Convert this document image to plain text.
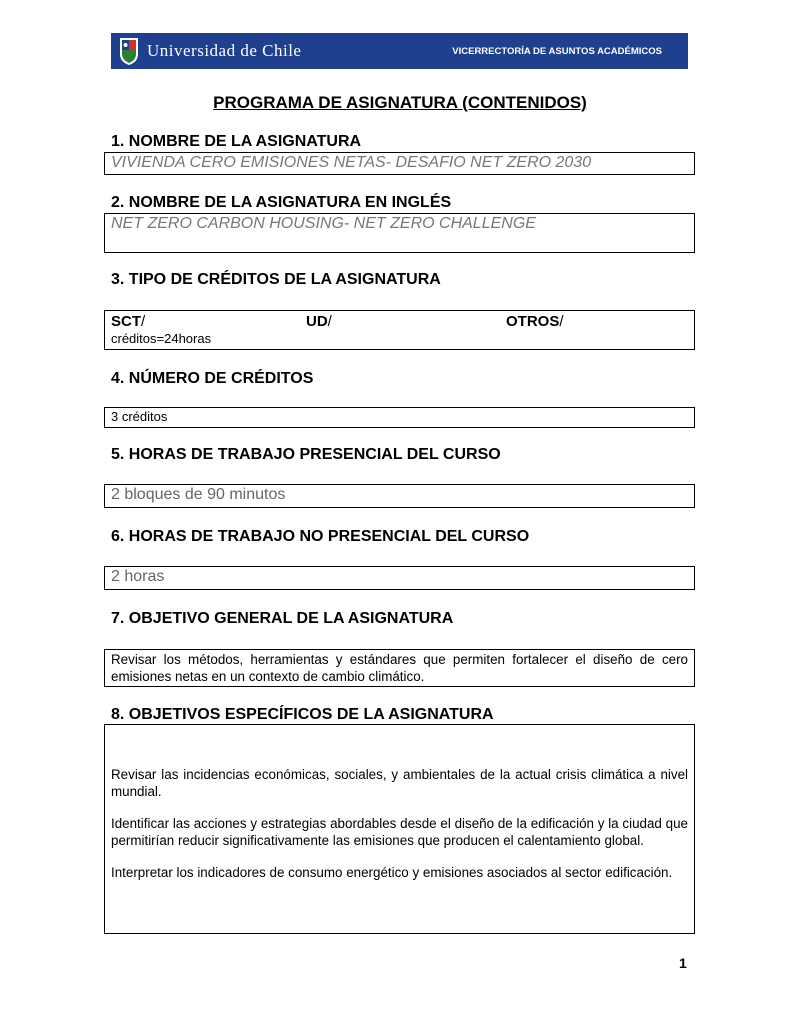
Universidad de Chile	VICERRECTORÍA DE ASUNTOS ACADÉMICOS
PROGRAMA DE ASIGNATURA (CONTENIDOS)
1. NOMBRE DE LA ASIGNATURA
VIVIENDA CERO EMISIONES NETAS- DESAFIO NET ZERO 2030
2. NOMBRE DE LA ASIGNATURA EN INGLÉS
NET ZERO CARBON HOUSING- NET ZERO CHALLENGE
3. TIPO DE CRÉDITOS DE LA ASIGNATURA
SCT/	UD/	OTROS/
créditos=24horas
4. NÚMERO DE CRÉDITOS
3 créditos
5. HORAS DE TRABAJO PRESENCIAL DEL CURSO
2 bloques de 90 minutos
6. HORAS DE TRABAJO NO PRESENCIAL DEL CURSO
2 horas
7. OBJETIVO GENERAL DE LA ASIGNATURA

Revisar los métodos, herramientas y estándares que permiten fortalecer el diseño de cero emisiones netas en un contexto de cambio climático.

8. OBJETIVOS ESPECÍFICOS DE LA ASIGNATURA

Revisar las incidencias económicas, sociales, y ambientales de la actual crisis climática a nivel mundial.

Identificar las acciones y estrategias abordables desde el diseño de la edificación y la ciudad que permitirían reducir significativamente las emisiones que producen el calentamiento global.

Interpretar los indicadores de consumo energético y emisiones asociados al sector edificación.

1
